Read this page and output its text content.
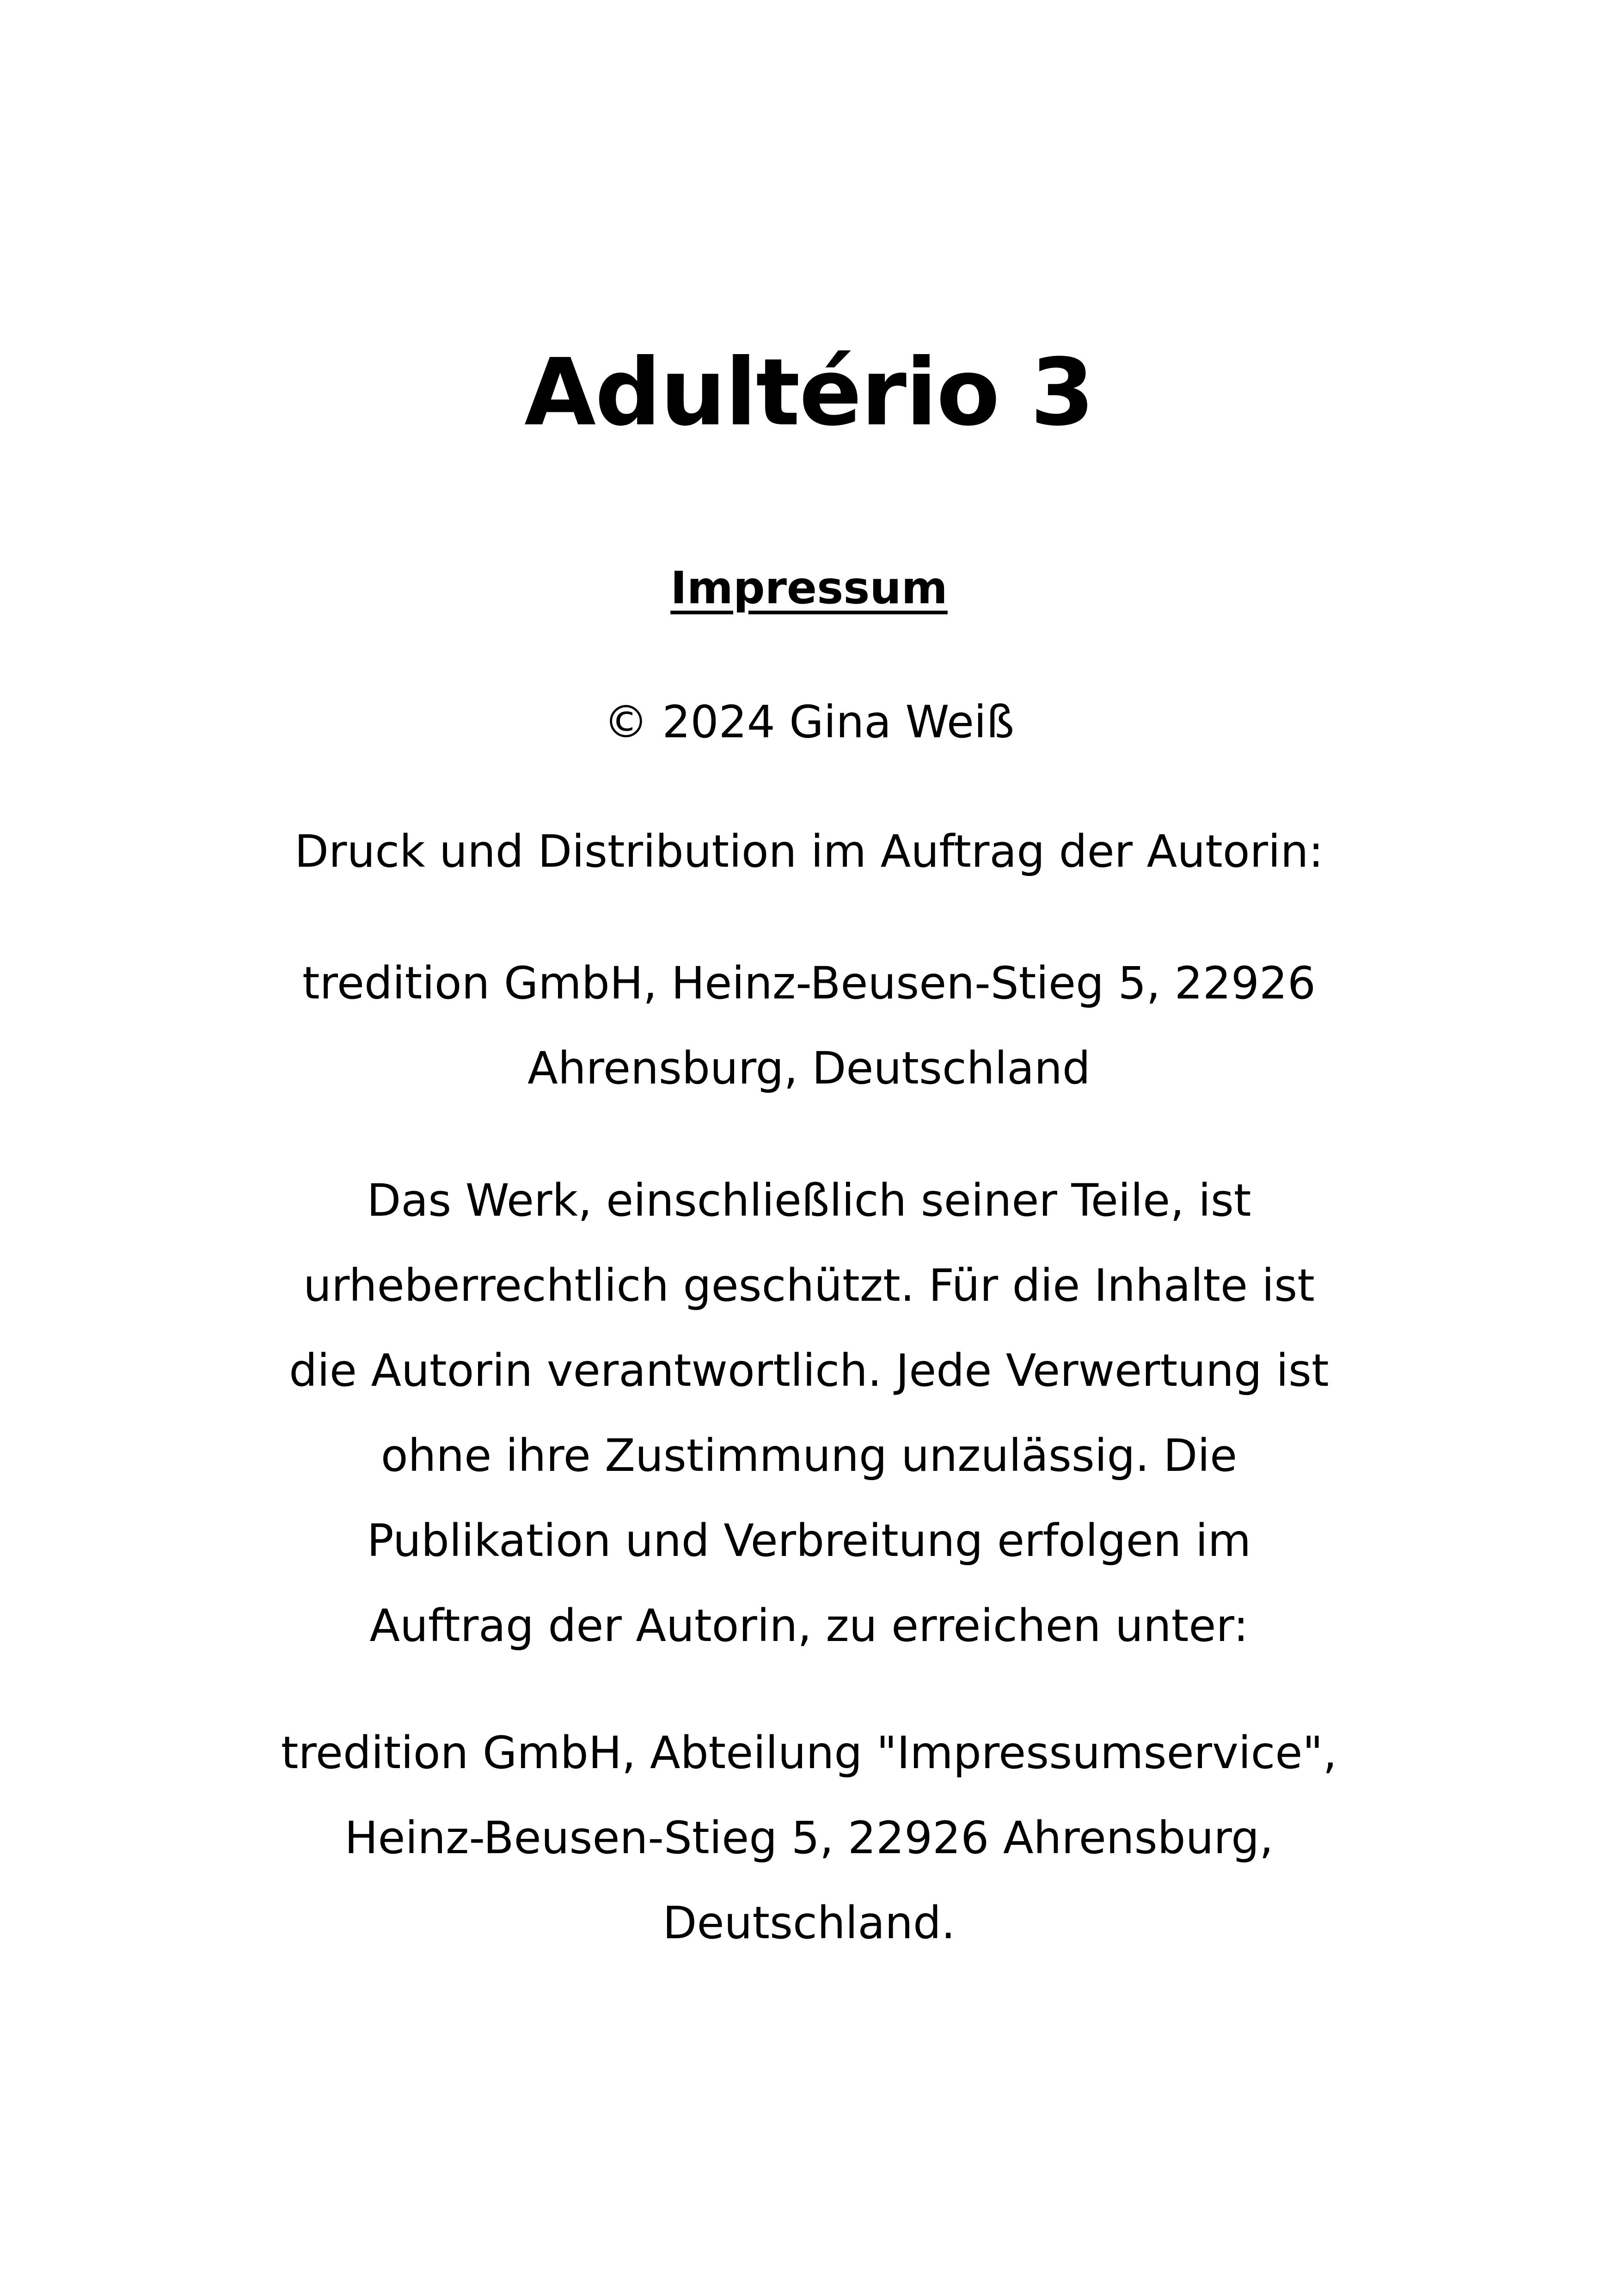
Adultério 3

Impressum

© 2024 Gina Weiß

Druck und Distribution im Auftrag der Autorin:

tredition GmbH, Heinz-Beusen-Stieg 5, 22926
Ahrensburg, Deutschland

Das Werk, einschließlich seiner Teile, ist
urheberrechtlich geschützt. Für die Inhalte ist
die Autorin verantwortlich. Jede Verwertung ist
ohne ihre Zustimmung unzulässig. Die
Publikation und Verbreitung erfolgen im
Auftrag der Autorin, zu erreichen unter:

tredition GmbH, Abteilung "Impressumservice",
Heinz-Beusen-Stieg 5, 22926 Ahrensburg,
Deutschland.
